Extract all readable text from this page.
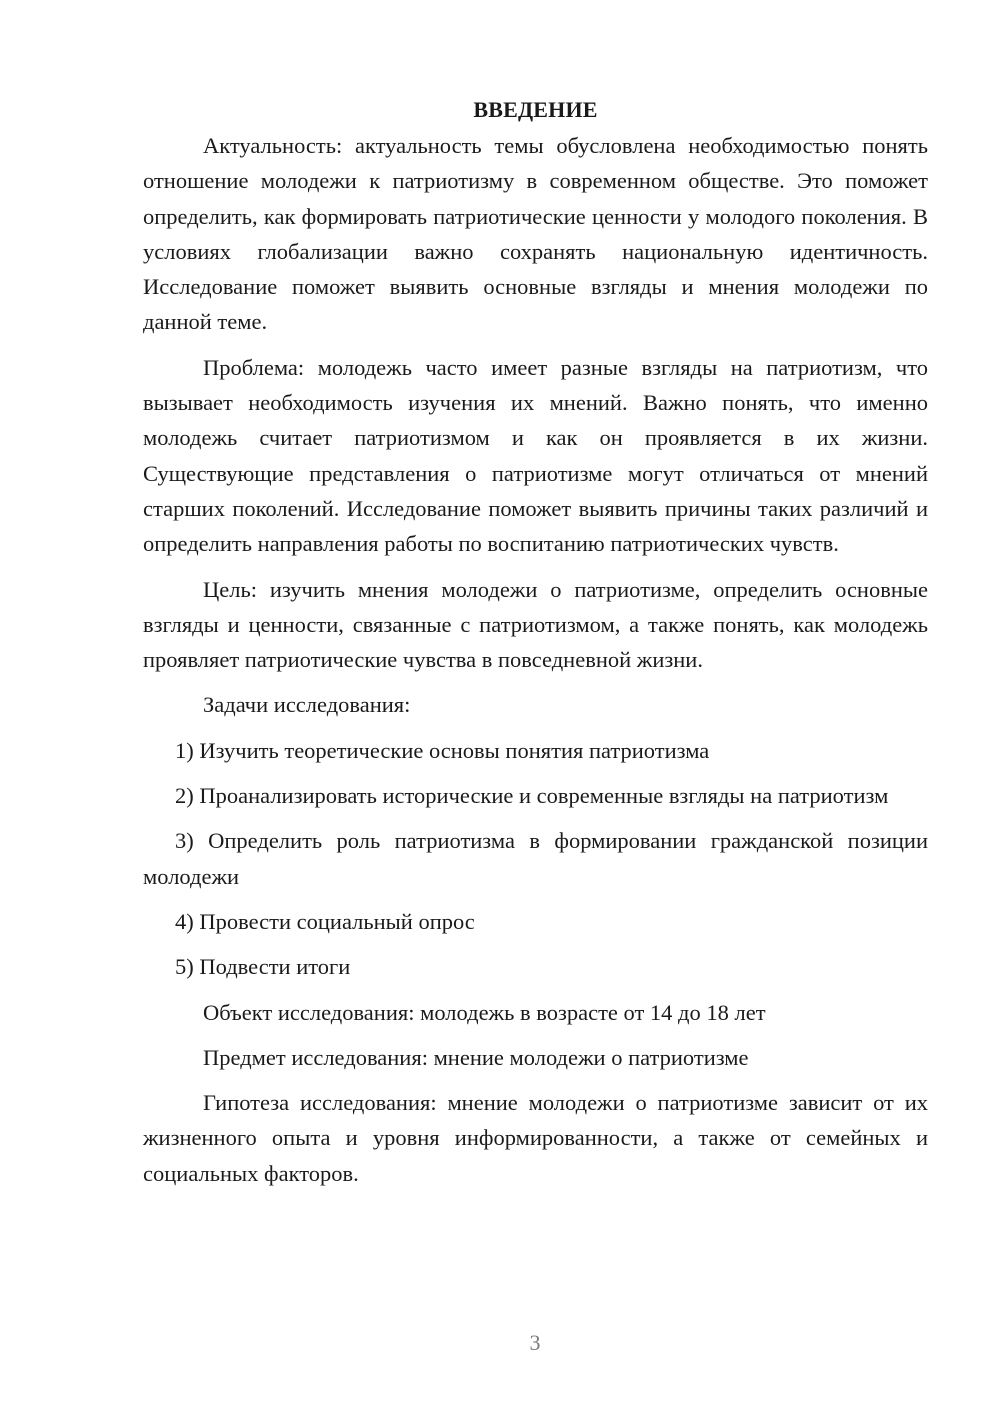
ВВЕДЕНИЕ

Актуальность: актуальность темы обусловлена необходимостью понять отношение молодежи к патриотизму в современном обществе. Это поможет определить, как формировать патриотические ценности у молодого поколения. В условиях глобализации важно сохранять национальную идентичность. Исследование поможет выявить основные взгляды и мнения молодежи по данной теме.

Проблема: молодежь часто имеет разные взгляды на патриотизм, что вызывает необходимость изучения их мнений. Важно понять, что именно молодежь считает патриотизмом и как он проявляется в их жизни. Существующие представления о патриотизме могут отличаться от мнений старших поколений. Исследование поможет выявить причины таких различий и определить направления работы по воспитанию патриотических чувств.

Цель: изучить мнения молодежи о патриотизме, определить основные взгляды и ценности, связанные с патриотизмом, а также понять, как молодежь проявляет патриотические чувства в повседневной жизни.

Задачи исследования:

1) Изучить теоретические основы понятия патриотизма

2) Проанализировать исторические и современные взгляды на патриотизм

3) Определить роль патриотизма в формировании гражданской позиции молодежи

4) Провести социальный опрос

5) Подвести итоги

Объект исследования: молодежь в возрасте от 14 до 18 лет

Предмет исследования: мнение молодежи о патриотизме

Гипотеза исследования: мнение молодежи о патриотизме зависит от их жизненного опыта и уровня информированности, а также от семейных и социальных факторов.

3
